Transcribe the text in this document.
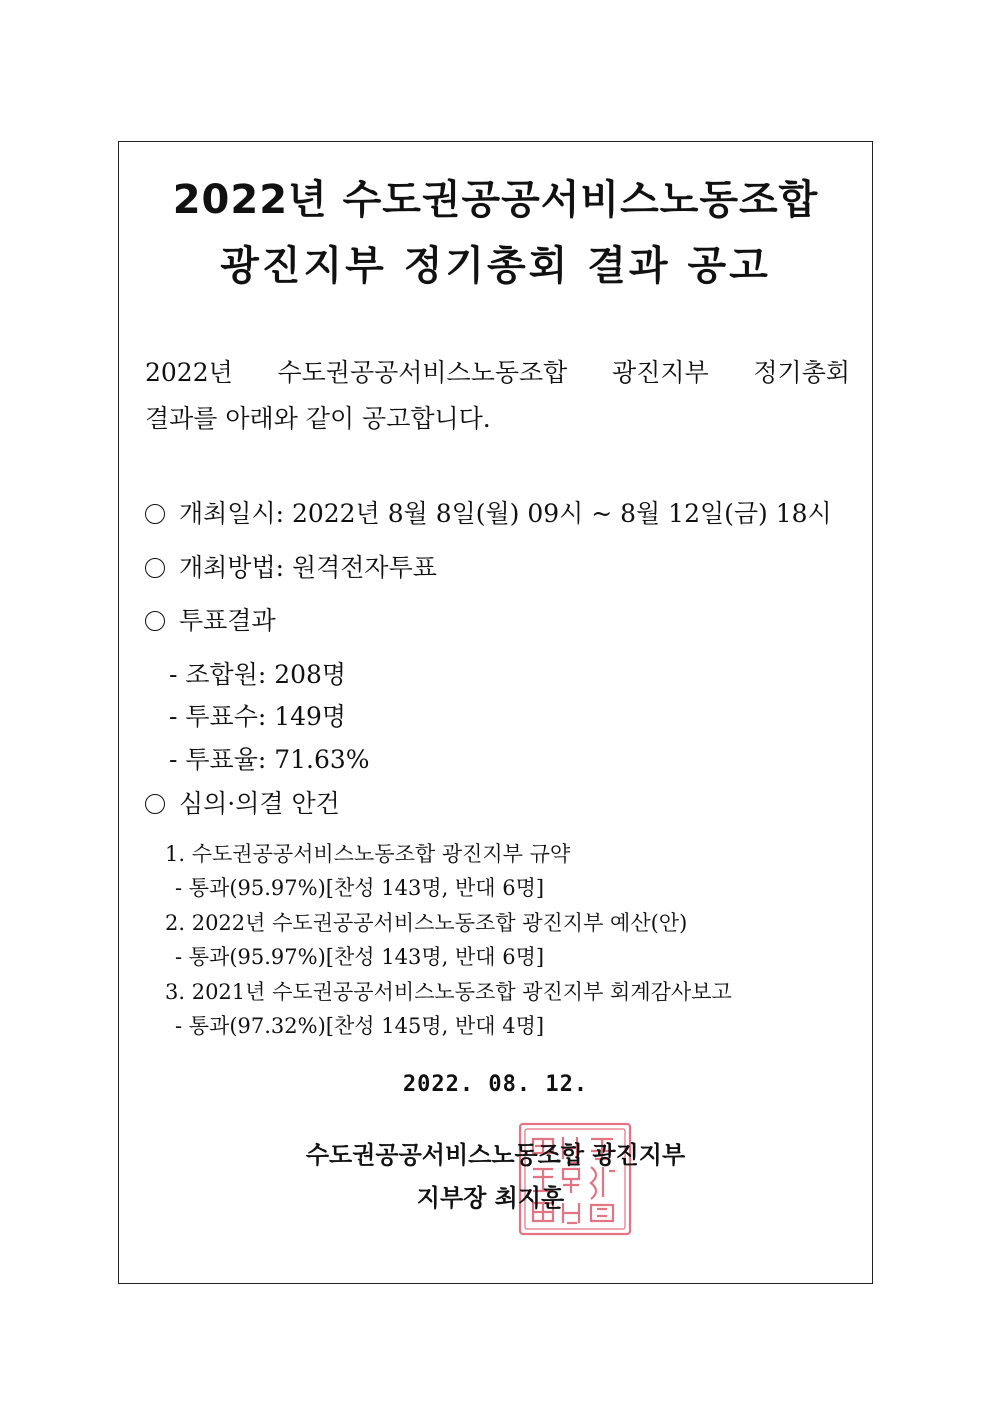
2022년 수도권공공서비스노동조합
광진지부 정기총회 결과 공고
2022년 수도권공공서비스노동조합 광진지부 정기총회
결과를 아래와 같이 공고합니다.
개최일시: 2022년 8월 8일(월) 09시 ~ 8월 12일(금) 18시
개최방법: 원격전자투표
투표결과
- 조합원: 208명
- 투표수: 149명
- 투표율: 71.63%
심의·의결 안건
1. 수도권공공서비스노동조합 광진지부 규약
- 통과(95.97%)[찬성 143명, 반대 6명]
2. 2022년 수도권공공서비스노동조합 광진지부 예산(안)
- 통과(95.97%)[찬성 143명, 반대 6명]
3. 2021년 수도권공공서비스노동조합 광진지부 회계감사보고
- 통과(97.32%)[찬성 145명, 반대 4명]
2022. 08. 12.
수도권공공서비스노동조합 광진지부
지부장 최지훈
